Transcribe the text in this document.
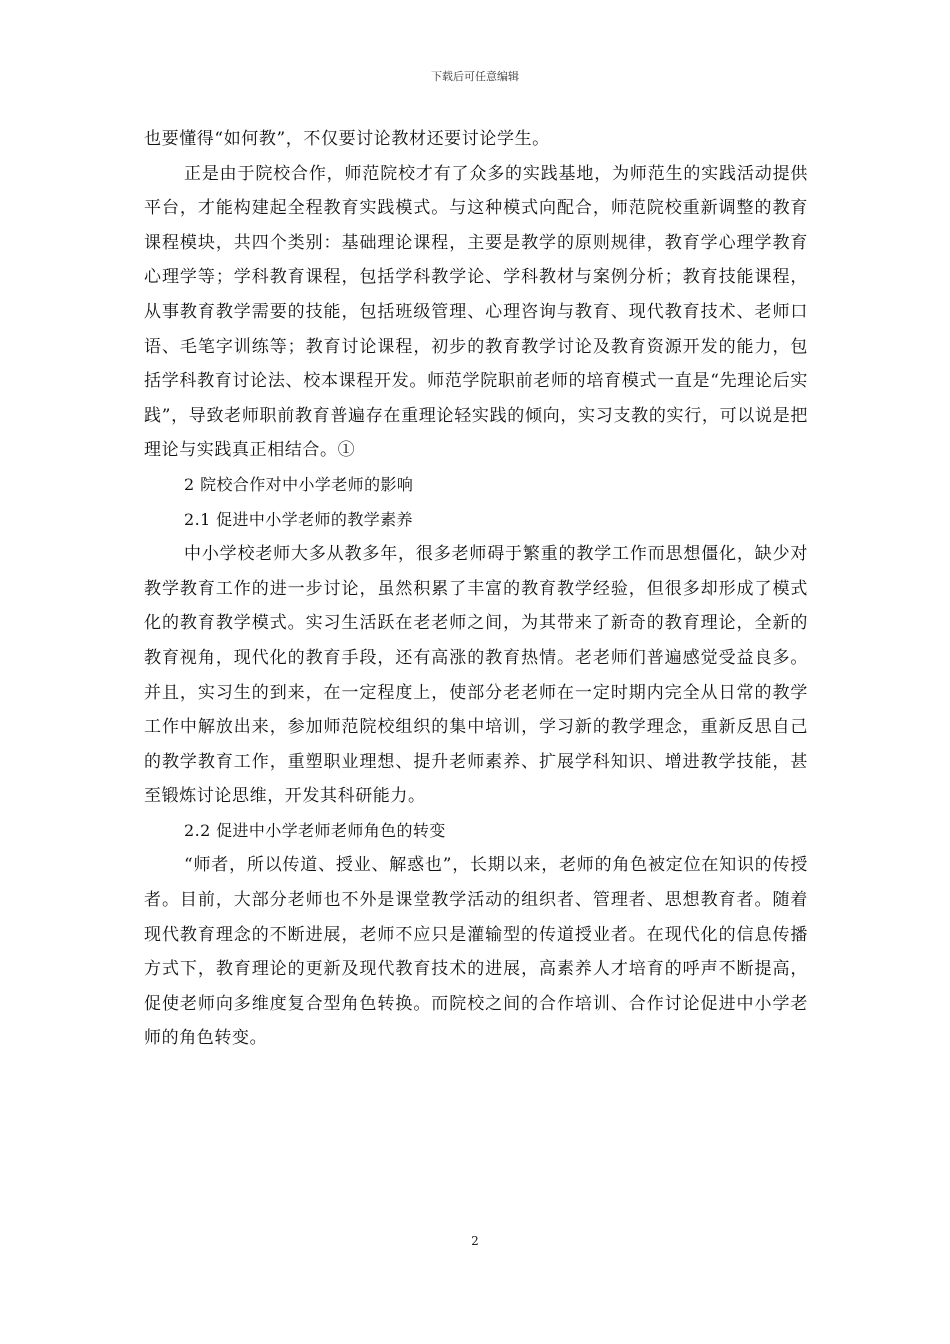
下载后可任意编辑

也要懂得“如何教”，不仅要讨论教材还要讨论学生。

正是由于院校合作，师范院校才有了众多的实践基地，为师范生的实践活动提供平台，才能构建起全程教育实践模式。与这种模式向配合，师范院校重新调整的教育课程模块，共四个类别：基础理论课程，主要是教学的原则规律，教育学心理学教育心理学等；学科教育课程，包括学科教学论、学科教材与案例分析；教育技能课程，从事教育教学需要的技能，包括班级管理、心理咨询与教育、现代教育技术、老师口语、毛笔字训练等；教育讨论课程，初步的教育教学讨论及教育资源开发的能力，包括学科教育讨论法、校本课程开发。师范学院职前老师的培育模式一直是“先理论后实践”，导致老师职前教育普遍存在重理论轻实践的倾向，实习支教的实行，可以说是把理论与实践真正相结合。①

2 院校合作对中小学老师的影响

2.1 促进中小学老师的教学素养

中小学校老师大多从教多年，很多老师碍于繁重的教学工作而思想僵化，缺少对教学教育工作的进一步讨论，虽然积累了丰富的教育教学经验，但很多却形成了模式化的教育教学模式。实习生活跃在老老师之间，为其带来了新奇的教育理论，全新的教育视角，现代化的教育手段，还有高涨的教育热情。老老师们普遍感觉受益良多。并且，实习生的到来，在一定程度上，使部分老老师在一定时期内完全从日常的教学工作中解放出来，参加师范院校组织的集中培训，学习新的教学理念，重新反思自己的教学教育工作，重塑职业理想、提升老师素养、扩展学科知识、增进教学技能，甚至锻炼讨论思维，开发其科研能力。

2.2 促进中小学老师老师角色的转变

“师者，所以传道、授业、解惑也”，长期以来，老师的角色被定位在知识的传授者。目前，大部分老师也不外是课堂教学活动的组织者、管理者、思想教育者。随着现代教育理念的不断进展，老师不应只是灌输型的传道授业者。在现代化的信息传播方式下，教育理论的更新及现代教育技术的进展，高素养人才培育的呼声不断提高，促使老师向多维度复合型角色转换。而院校之间的合作培训、合作讨论促进中小学老师的角色转变。

2
